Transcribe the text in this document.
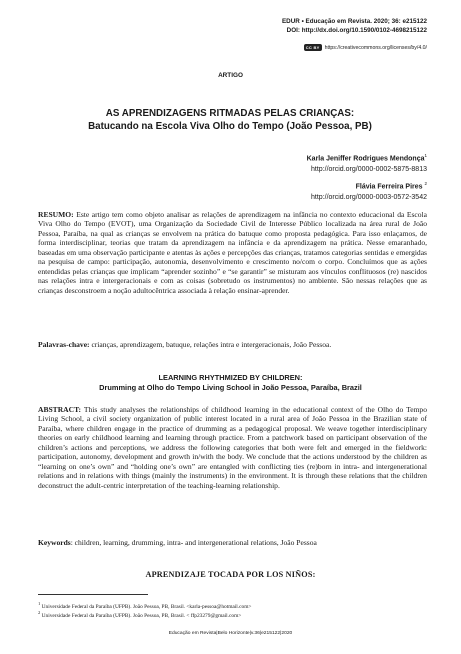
EDUR • Educação em Revista. 2020; 36: e215122
DOI: http://dx.doi.org/10.1590/0102-4698215122
CC BY https://creativecommons.org/licenses/by/4.0/
ARTIGO
AS APRENDIZAGENS RITMADAS PELAS CRIANÇAS:
Batucando na Escola Viva Olho do Tempo (João Pessoa, PB)
Karla Jeniffer Rodrigues Mendonça$^1$
http://orcid.org/0000-0002-5875-8813
Flávia Ferreira Pires $^2$
http://orcid.org/0000-0003-0572-3542
RESUMO: Este artigo tem como objeto analisar as relações de aprendizagem na infância no contexto educacional da Escola Viva Olho do Tempo (EVOT), uma Organização da Sociedade Civil de Interesse Público localizada na área rural de João Pessoa, Paraíba, na qual as crianças se envolvem na prática do batuque como proposta pedagógica. Para isso enlaçamos, de forma interdisciplinar, teorias que tratam da aprendizagem na infância e da aprendizagem na prática. Nesse emaranhado, baseadas em uma observação participante e atentas às ações e percepções das crianças, tratamos categorias sentidas e emergidas na pesquisa de campo: participação, autonomia, desenvolvimento e crescimento no/com o corpo. Concluímos que as ações entendidas pelas crianças que implicam “aprender sozinho” e “se garantir” se misturam aos vínculos conflituosos (re) nascidos nas relações intra e intergeracionais e com as coisas (sobretudo os instrumentos) no ambiente. São nessas relações que as crianças desconstroem a noção adultocêntrica associada à relação ensinar-aprender.
Palavras-chave: crianças, aprendizagem, batuque, relações intra e intergeracionais, João Pessoa.
LEARNING RHYTHMIZED BY CHILDREN:
Drumming at Olho do Tempo Living School in João Pessoa, Paraíba, Brazil
ABSTRACT: This study analyses the relationships of childhood learning in the educational context of the Olho do Tempo Living School, a civil society organization of public interest located in a rural area of João Pessoa in the Brazilian state of Paraíba, where children engage in the practice of drumming as a pedagogical proposal. We weave together interdisciplinary theories on early childhood learning and learning through practice. From a patchwork based on participant observation of the children’s actions and perceptions, we address the following categories that both were felt and emerged in the fieldwork: participation, autonomy, development and growth in/with the body. We conclude that the actions understood by the children as “learning on one’s own” and “holding one’s own” are entangled with conflicting ties (re)born in intra- and intergenerational relations and in relations with things (mainly the instruments) in the environment. It is through these relations that the children deconstruct the adult-centric interpretation of the teaching-learning relationship.
Keywords: children, learning, drumming, intra- and intergenerational relations, João Pessoa
APRENDIZAJE TOCADA POR LOS NIÑOS:
$^1$ Universidade Federal da Paraíba (UFPB). João Pessoa, PB, Brasil. <karla-pessoa@hotmail.com>
$^2$ Universidade Federal da Paraíba (UFPB). João Pessoa, PB, Brasil. < ffp23279@gmail.com>
Educação em Revista|Belo Horizonte|v.36|e215122|2020
